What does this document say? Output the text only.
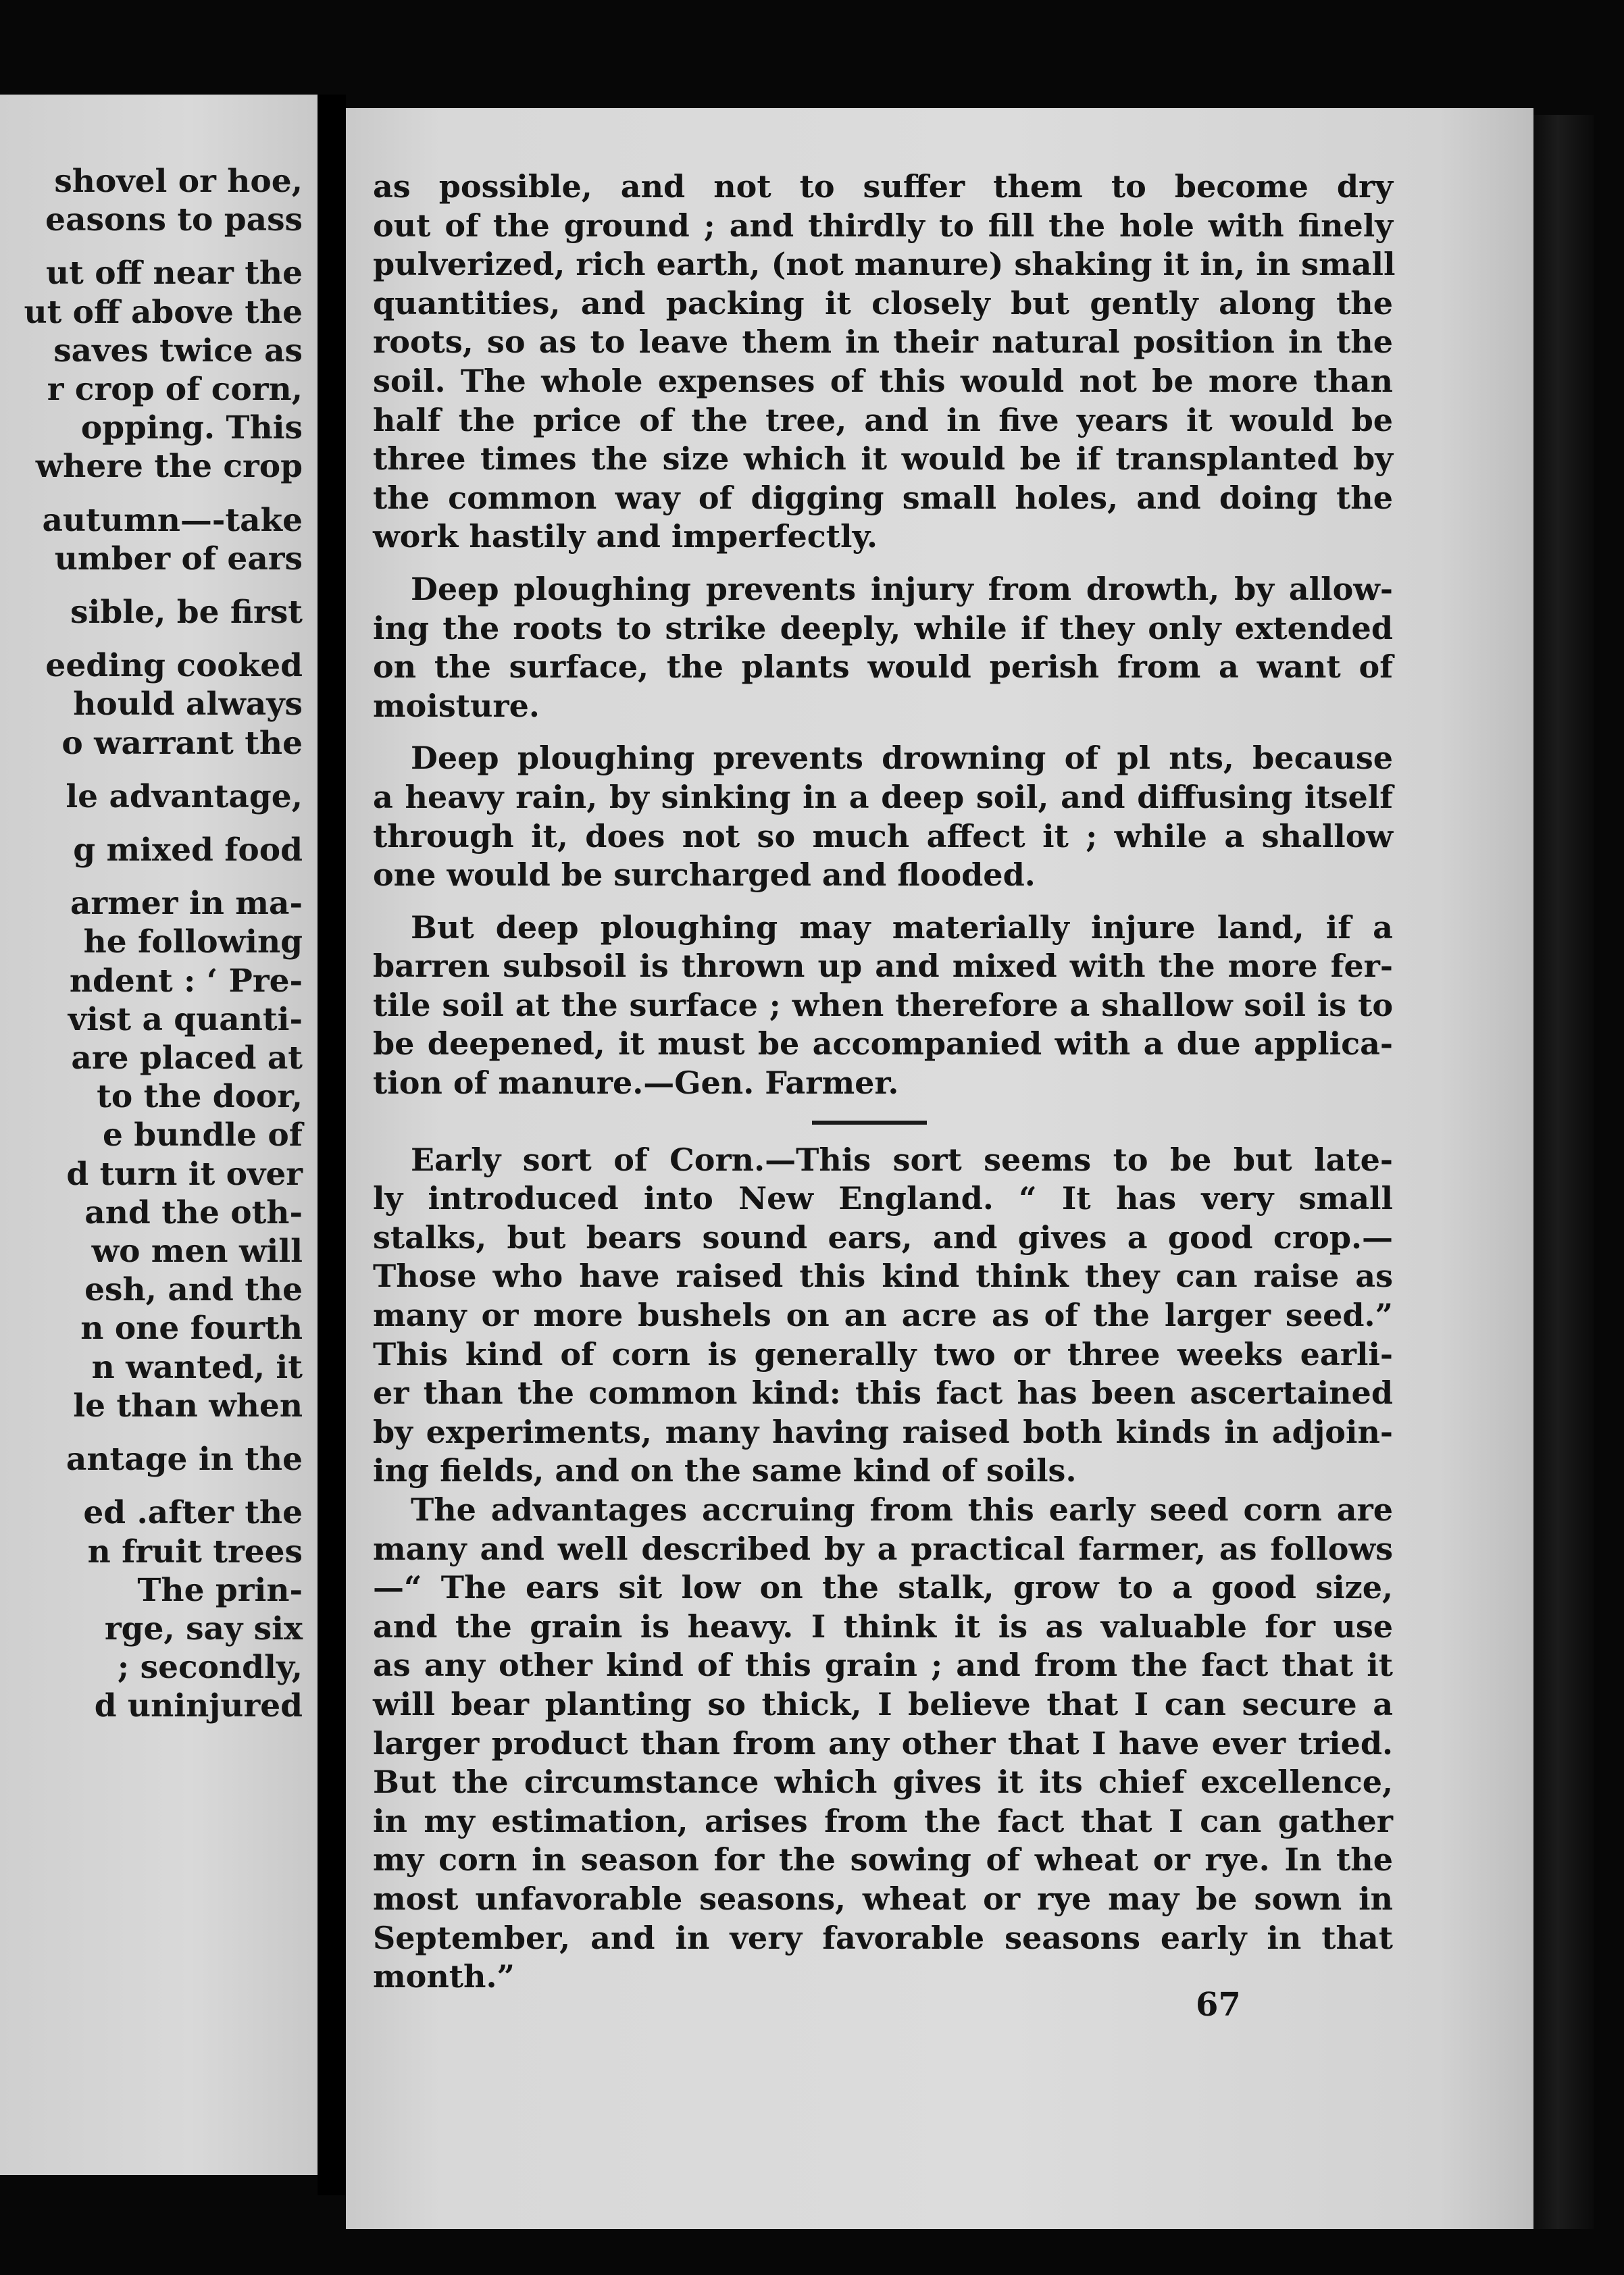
shovel or hoe,
easons to pass
ut off near the
ut off above the
saves twice as
r crop of corn,
opping. This
where the crop
autumn—-take
umber of ears
sible, be first
eeding cooked
hould always
o warrant the
le advantage,
g mixed food
armer in ma-
he following
ndent : ‘ Pre-
vist a quanti-
are placed at
to the door,
e bundle of
d turn it over
and the oth-
wo men will
esh, and the
n one fourth
n wanted, it
le than when
antage in the
ed .after the
n fruit trees
The prin-
rge, say six
; secondly,
d uninjured
as possible, and not to suffer them to become dry
out of the ground ; and thirdly to fill the hole with finely
pulverized, rich earth, (not manure) shaking it in, in small
quantities, and packing it closely but gently along the
roots, so as to leave them in their natural position in the
soil. The whole expenses of this would not be more than
half the price of the tree, and in five years it would be
three times the size which it would be if transplanted by
the common way of digging small holes, and doing the
work hastily and imperfectly.
Deep ploughing prevents injury from drowth, by allow-
ing the roots to strike deeply, while if they only extended
on the surface, the plants would perish from a want of
moisture.
Deep ploughing prevents drowning of pl nts, because
a heavy rain, by sinking in a deep soil, and diffusing itself
through it, does not so much affect it ; while a shallow
one would be surcharged and flooded.
But deep ploughing may materially injure land, if a
barren subsoil is thrown up and mixed with the more fer-
tile soil at the surface ; when therefore a shallow soil is to
be deepened, it must be accompanied with a due applica-
tion of manure.—Gen. Farmer.
Early sort of Corn.—This sort seems to be but late-
ly introduced into New England. “ It has very small
stalks, but bears sound ears, and gives a good crop.—
Those who have raised this kind think they can raise as
many or more bushels on an acre as of the larger seed.”
This kind of corn is generally two or three weeks earli-
er than the common kind: this fact has been ascertained
by experiments, many having raised both kinds in adjoin-
ing fields, and on the same kind of soils.
The advantages accruing from this early seed corn are
many and well described by a practical farmer, as follows
—“ The ears sit low on the stalk, grow to a good size,
and the grain is heavy. I think it is as valuable for use
as any other kind of this grain ; and from the fact that it
will bear planting so thick, I believe that I can secure a
larger product than from any other that I have ever tried.
But the circumstance which gives it its chief excellence,
in my estimation, arises from the fact that I can gather
my corn in season for the sowing of wheat or rye. In the
most unfavorable seasons, wheat or rye may be sown in
September, and in very favorable seasons early in that
month.”
67
